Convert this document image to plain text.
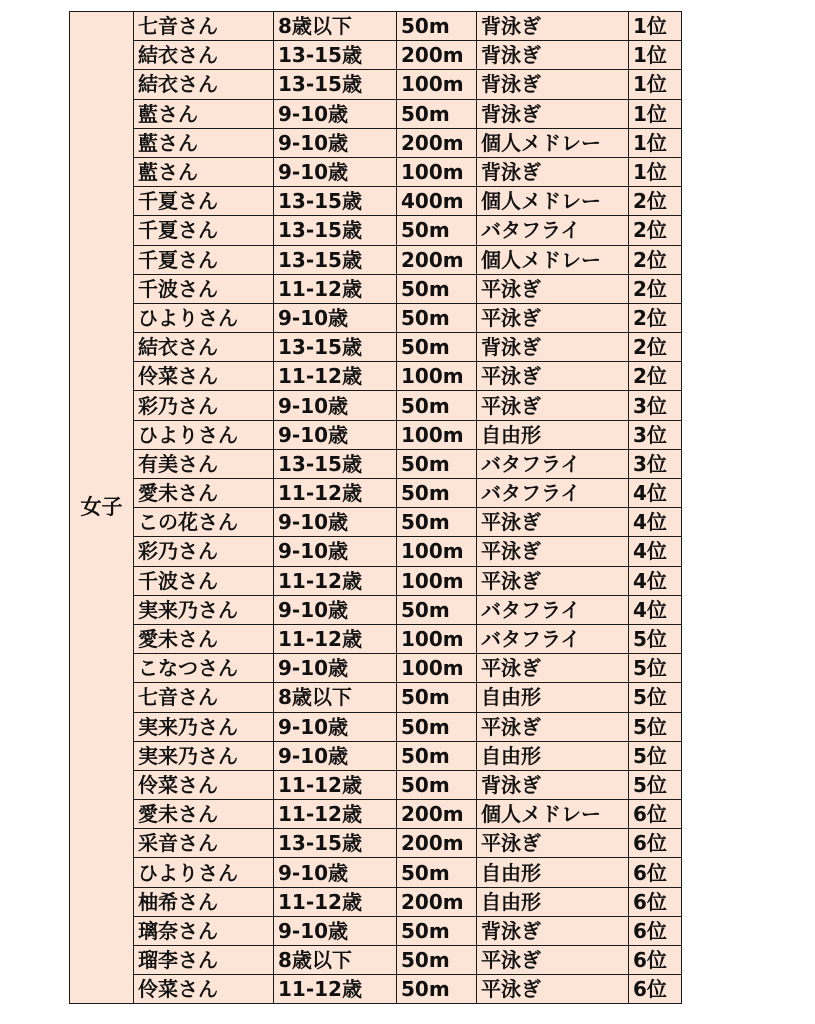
女子	七音さん	8歳以下	50m	背泳ぎ	1位
	結衣さん	13-15歳	200m	背泳ぎ	1位
	結衣さん	13-15歳	100m	背泳ぎ	1位
	藍さん	9-10歳	50m	背泳ぎ	1位
	藍さん	9-10歳	200m	個人メドレー	1位
	藍さん	9-10歳	100m	背泳ぎ	1位
	千夏さん	13-15歳	400m	個人メドレー	2位
	千夏さん	13-15歳	50m	バタフライ	2位
	千夏さん	13-15歳	200m	個人メドレー	2位
	千波さん	11-12歳	50m	平泳ぎ	2位
	ひよりさん	9-10歳	50m	平泳ぎ	2位
	結衣さん	13-15歳	50m	背泳ぎ	2位
	伶菜さん	11-12歳	100m	平泳ぎ	2位
	彩乃さん	9-10歳	50m	平泳ぎ	3位
	ひよりさん	9-10歳	100m	自由形	3位
	有美さん	13-15歳	50m	バタフライ	3位
	愛未さん	11-12歳	50m	バタフライ	4位
	この花さん	9-10歳	50m	平泳ぎ	4位
	彩乃さん	9-10歳	100m	平泳ぎ	4位
	千波さん	11-12歳	100m	平泳ぎ	4位
	実来乃さん	9-10歳	50m	バタフライ	4位
	愛未さん	11-12歳	100m	バタフライ	5位
	こなつさん	9-10歳	100m	平泳ぎ	5位
	七音さん	8歳以下	50m	自由形	5位
	実来乃さん	9-10歳	50m	平泳ぎ	5位
	実来乃さん	9-10歳	50m	自由形	5位
	伶菜さん	11-12歳	50m	背泳ぎ	5位
	愛未さん	11-12歳	200m	個人メドレー	6位
	采音さん	13-15歳	200m	平泳ぎ	6位
	ひよりさん	9-10歳	50m	自由形	6位
	柚希さん	11-12歳	200m	自由形	6位
	璃奈さん	9-10歳	50m	背泳ぎ	6位
	瑠李さん	8歳以下	50m	平泳ぎ	6位
	伶菜さん	11-12歳	50m	平泳ぎ	6位
